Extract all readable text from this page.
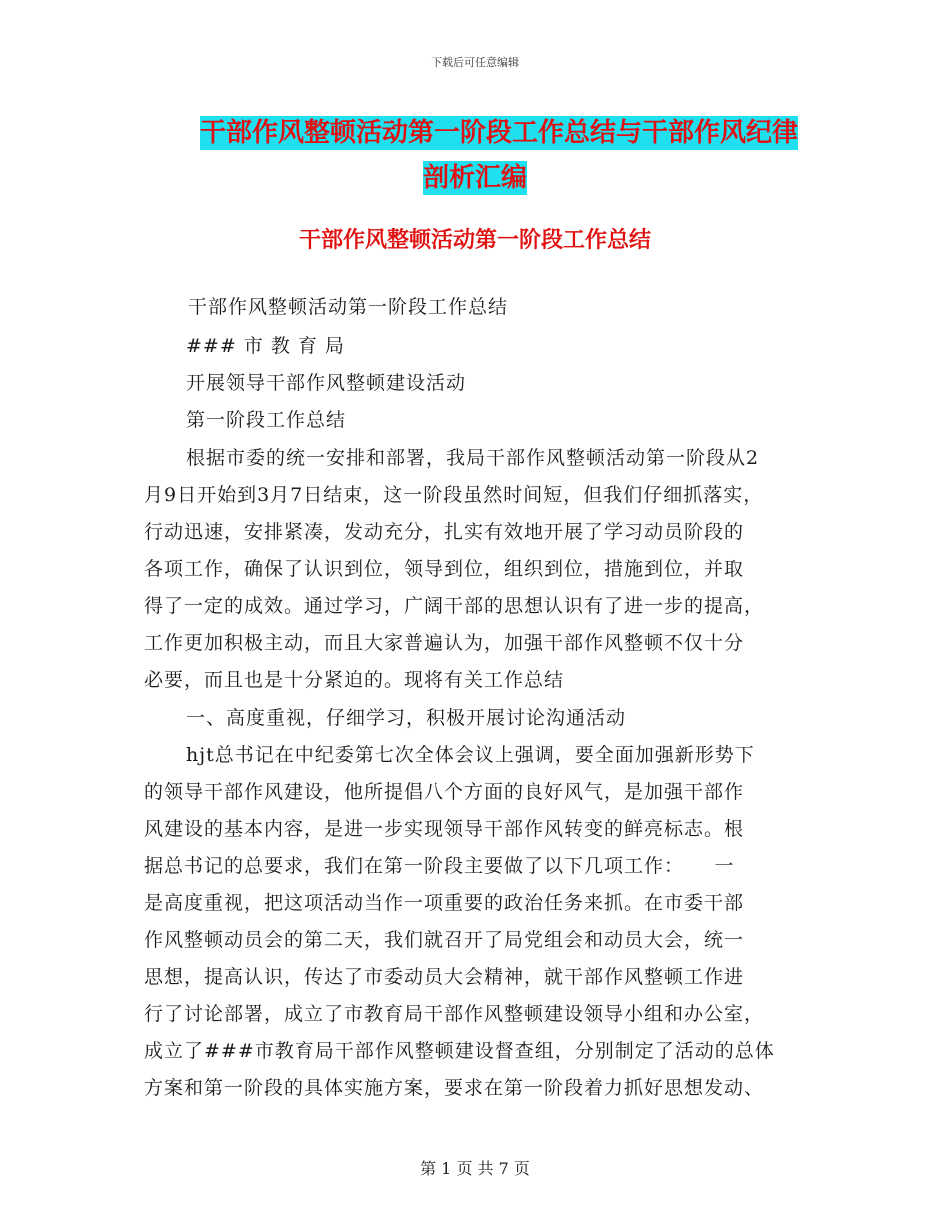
下载后可任意编辑
干部作风整顿活动第一阶段工作总结与干部作风纪律
剖析汇编
干部作风整顿活动第一阶段工作总结
干部作风整顿活动第一阶段工作总结
### 市 教 育 局
开展领导干部作风整顿建设活动
第一阶段工作总结
根据市委的统一安排和部署，我局干部作风整顿活动第一阶段从2
月9日开始到3月7日结束，这一阶段虽然时间短，但我们仔细抓落实，
行动迅速，安排紧凑，发动充分，扎实有效地开展了学习动员阶段的
各项工作，确保了认识到位，领导到位，组织到位，措施到位，并取
得了一定的成效。通过学习，广阔干部的思想认识有了进一步的提高，
工作更加积极主动，而且大家普遍认为，加强干部作风整顿不仅十分
必要，而且也是十分紧迫的。现将有关工作总结
一、高度重视，仔细学习，积极开展讨论沟通活动
hjt总书记在中纪委第七次全体会议上强调，要全面加强新形势下
的领导干部作风建设，他所提倡八个方面的良好风气，是加强干部作
风建设的基本内容，是进一步实现领导干部作风转变的鲜亮标志。根
据总书记的总要求，我们在第一阶段主要做了以下几项工作：　　一
是高度重视，把这项活动当作一项重要的政治任务来抓。在市委干部
作风整顿动员会的第二天，我们就召开了局党组会和动员大会，统一
思想，提高认识，传达了市委动员大会精神，就干部作风整顿工作进
行了讨论部署，成立了市教育局干部作风整顿建设领导小组和办公室，
成立了###市教育局干部作风整顿建设督查组，分别制定了活动的总体
方案和第一阶段的具体实施方案，要求在第一阶段着力抓好思想发动、
第 1 页 共 7 页
